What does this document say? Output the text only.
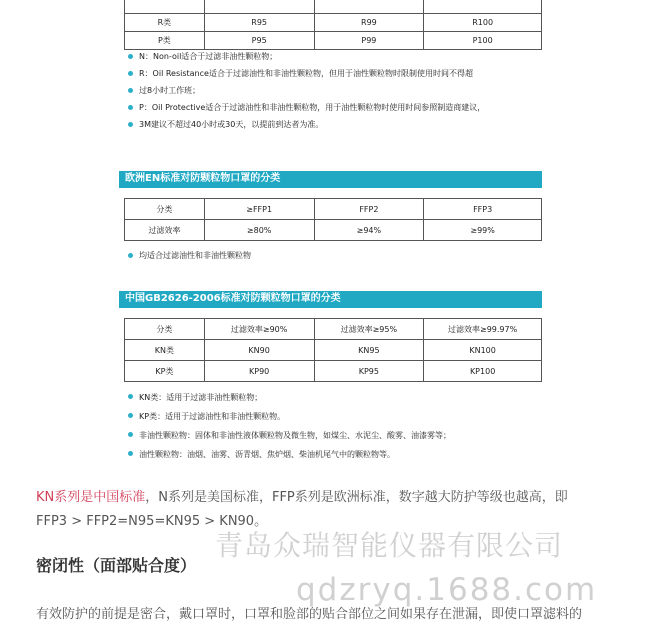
R类	R95	R99	R100
P类	P95	P99	P100
N：Non-oil适合于过滤非油性颗粒物；
R：Oil Resistance适合于过滤油性和非油性颗粒物，但用于油性颗粒物时限制使用时间不得超
过8小时工作班；
P：Oil Protective适合于过滤油性和非油性颗粒物，用于油性颗粒物时使用时间参照制造商建议，
3M建议不超过40小时或30天，以提前到达者为准。
欧洲EN标准对防颗粒物口罩的分类
分类	≥FFP1	FFP2	FFP3
过滤效率	≥80%	≥94%	≥99%
均适合过滤油性和非油性颗粒物
中国GB2626-2006标准对防颗粒物口罩的分类
分类	过滤效率≥90%	过滤效率≥95%	过滤效率≥99.97%
KN类	KN90	KN95	KN100
KP类	KP90	KP95	KP100
KN类：适用于过滤非油性颗粒物；
KP类：适用于过滤油性和非油性颗粒物。
非油性颗粒物：固体和非油性液体颗粒物及微生物，如煤尘、水泥尘、酸雾、油漆雾等；
油性颗粒物：油烟、油雾、沥青烟、焦炉烟、柴油机尾气中的颗粒物等。
KN系列是中国标准，N系列是美国标准，FFP系列是欧洲标准，数字越大防护等级也越高，即
FFP3 > FFP2=N95=KN95 > KN90。
青岛众瑞智能仪器有限公司
密闭性（面部贴合度）
qdzryq.1688.com
有效防护的前提是密合，戴口罩时，口罩和脸部的贴合部位之间如果存在泄漏，即使口罩滤料的
